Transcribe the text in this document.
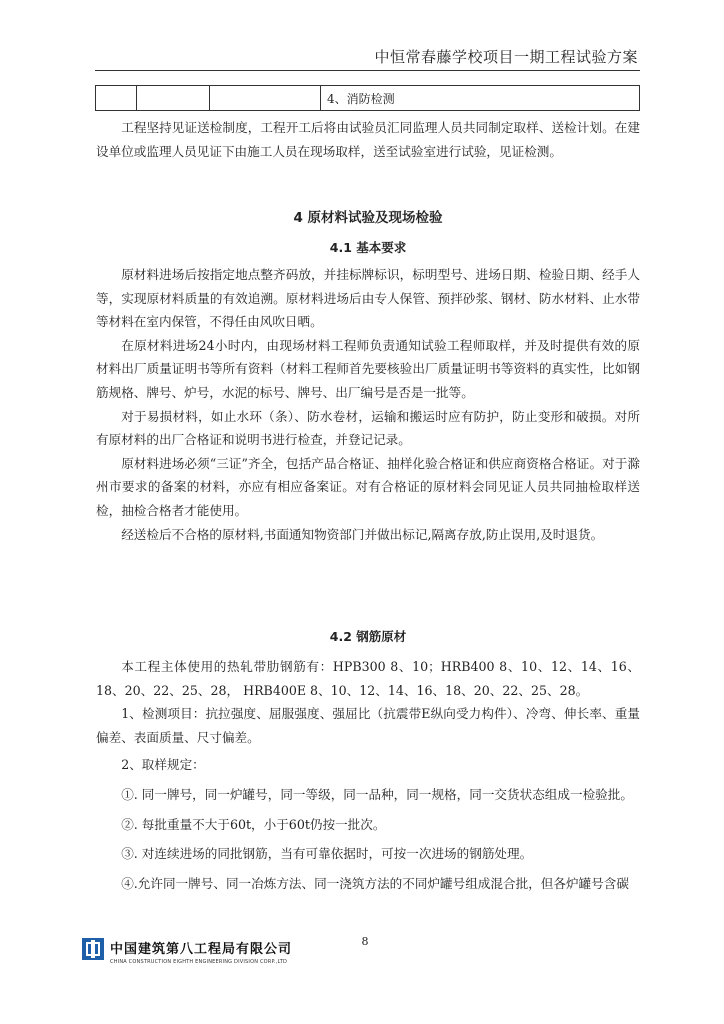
中恒常春藤学校项目一期工程试验方案
			4、消防检测

工程坚持见证送检制度，工程开工后将由试验员汇同监理人员共同制定取样、送检计划。在建设单位或监理人员见证下由施工人员在现场取样，送至试验室进行试验，见证检测。

4 原材料试验及现场检验
4.1 基本要求

原材料进场后按指定地点整齐码放，并挂标牌标识，标明型号、进场日期、检验日期、经手人等，实现原材料质量的有效追溯。原材料进场后由专人保管、预拌砂浆、钢材、防水材料、止水带等材料在室内保管，不得任由风吹日晒。

在原材料进场24小时内，由现场材料工程师负责通知试验工程师取样，并及时提供有效的原材料出厂质量证明书等所有资料（材料工程师首先要核验出厂质量证明书等资料的真实性，比如钢筋规格、牌号、炉号，水泥的标号、牌号、出厂编号是否是一批等。

对于易损材料，如止水环（条）、防水卷材，运输和搬运时应有防护，防止变形和破损。对所有原材料的出厂合格证和说明书进行检查，并登记记录。

原材料进场必须“三证”齐全，包括产品合格证、抽样化验合格证和供应商资格合格证。对于滁州市要求的备案的材料，亦应有相应备案证。对有合格证的原材料会同见证人员共同抽检取样送检，抽检合格者才能使用。

经送检后不合格的原材料,书面通知物资部门并做出标记,隔离存放,防止误用,及时退货。

4.2 钢筋原材

本工程主体使用的热轧带肋钢筋有：HPB300 8、10；HRB400 8、10、12、14、16、18、20、22、25、28， HRB400E 8、10、12、14、16、18、20、22、25、28。

1、检测项目：抗拉强度、屈服强度、强屈比（抗震带E纵向受力构件）、冷弯、伸长率、重量偏差、表面质量、尺寸偏差。

2、取样规定：

①. 同一牌号，同一炉罐号，同一等级，同一品种，同一规格，同一交货状态组成一检验批。

②. 每批重量不大于60t，小于60t仍按一批次。

③. 对连续进场的同批钢筋，当有可靠依据时，可按一次进场的钢筋处理。

④.允许同一牌号、同一冶炼方法、同一浇筑方法的不同炉罐号组成混合批，但各炉罐号含碳

中国建筑第八工程局有限公司
CHINA CONSTRUCTION EIGHTH ENGINEERING DIVISION CORP.,LTD
8
